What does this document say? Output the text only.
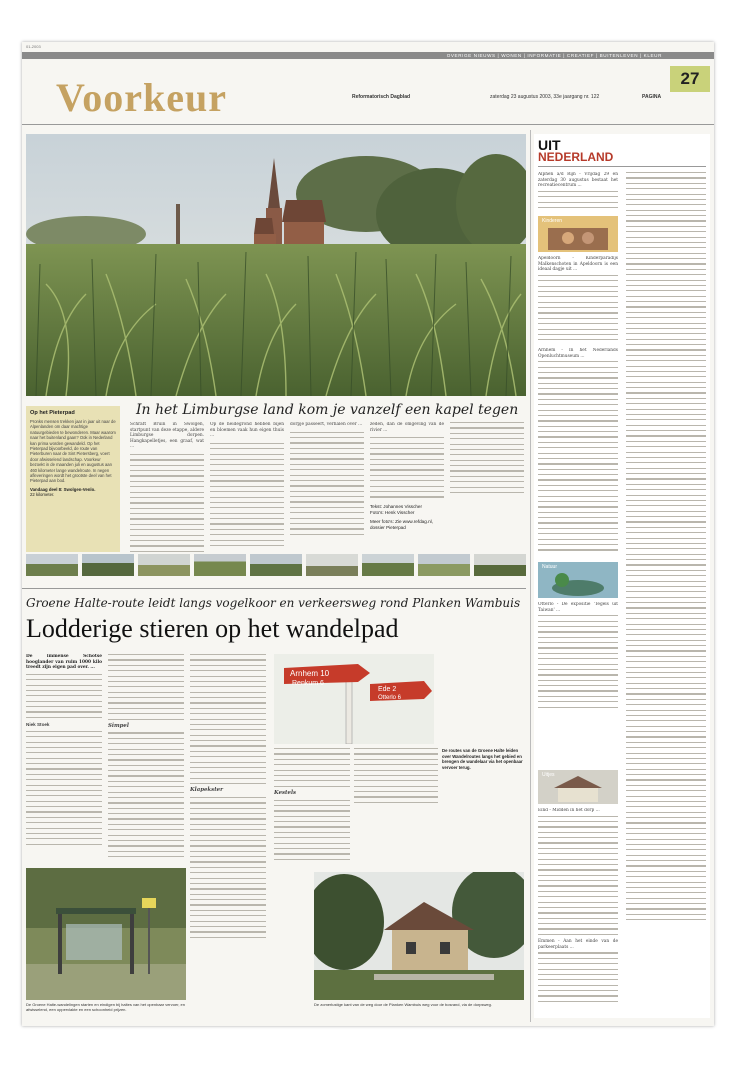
01-2003
OVERIGE NIEUWS | WONEN | INFORMATIE | CREATIEF | BUITENLEVEN | KLEUR
Voorkeur	Reformatorisch Dagblad	zaterdag 23 augustus 2003, 33e jaargang nr. 122	PAGINA
27
Op het Pieterpad
Pronks mensen trekken jaar in jaar uit naar de Alpenlanden om daar machtige natuurgebieden te bewonderen. Maar waarom naar het buitenland gaan? Ook in Nederland kan prima worden gewandeld. Op het Pieterpad bijvoorbeeld, de route van Pieterburen naar de Sint Pietersberg, voert door afwisselend landschap. Voorkeur bezoekt in de maanden juli en augustus aan 460 kilometer lange wandelroute. In negen afleveringen wordt het grootste deel van het Pieterpad aan bod.
Vandaag deel 8: Swolgen-Venlo.
22 kilometer.
In het Limburgse land kom je vanzelf een kapel tegen
Schraft Bruin in Swolgen, startpunt van deze etappe, aldere Limburgse dorpen. Hangkapelletjes, een graaf, wat ...
Op de heidegrond hebben bijen en bloemen vaak hun eigen thuis ...
dorpje passeert, verhalen over ...	zeden, dan de omgeving van de rivier ...
Tekst: Johannes Visscher
Foto's: Henk Visscher
Meer foto's: Zie www.refdag.nl,
dossier Pieterpad
Groene Halte-route leidt langs vogelkoor en verkeersweg rond Planken Wambuis
Lodderige stieren op het wandelpad
De immense Schotse hooglander van ruim 1000 kilo treedt zijn eigen pad over. ...
Niek Stoek	Simpel
Klapekster
Arnhem 10
Renkum 6
Ede 2
Otterlo 6
Kestels
De routes van de Groene Halte leiden over Wandelroutes langs het gebied en brengen de wandelaar via het openbaar vervoer terug.
De Groene Halte-wandelingen starten en eindigen bij haltes van het openbaar vervoer, en afwisselend, een oppervlakte en een schoonheid prijzen.
De zomerlustige kant van de weg door de Planken Wambuis weg voor de bosrand, via de dorpsweg.
UIT
NEDERLAND
Alphen a/d Rijn - Vrijdag 29 en zaterdag 30 augustus bestaat het recreatiecentrum ...
Kinderen
Apeldoorn - Kinderparadijs Malkenschoten in Apeldoorn is een ideaal dagje uit ...
Arnhem - In het Nederlands Openluchtmuseum ...
Natuur
Otterlo - De expositie 'Tegels uit Taiwan' ...
Uitjes
Eind - Midden in het dorp ...
Emmen - Aan het einde van de parkeerplaats ...
